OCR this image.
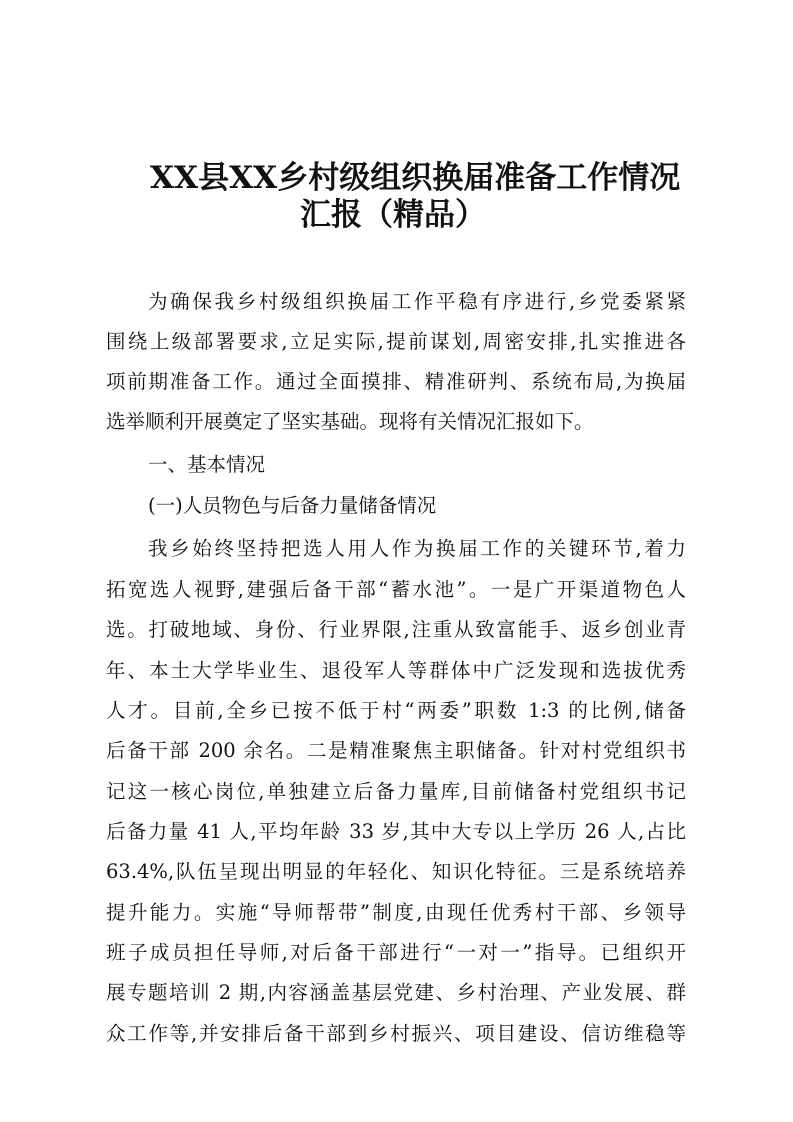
XX县XX乡村级组织换届准备工作情况
汇报（精品）
为确保我乡村级组织换届工作平稳有序进行,乡党委紧紧
围绕上级部署要求,立足实际,提前谋划,周密安排,扎实推进各
项前期准备工作。通过全面摸排、精准研判、系统布局,为换届
选举顺利开展奠定了坚实基础。现将有关情况汇报如下。
一、基本情况
(一)人员物色与后备力量储备情况
我乡始终坚持把选人用人作为换届工作的关键环节,着力
拓宽选人视野,建强后备干部“蓄水池”。一是广开渠道物色人
选。打破地域、身份、行业界限,注重从致富能手、返乡创业青
年、本土大学毕业生、退役军人等群体中广泛发现和选拔优秀
人才。目前,全乡已按不低于村“两委”职数 1:3 的比例,储备
后备干部 200 余名。二是精准聚焦主职储备。针对村党组织书
记这一核心岗位,单独建立后备力量库,目前储备村党组织书记
后备力量 41 人,平均年龄 33 岁,其中大专以上学历 26 人,占比
63.4%,队伍呈现出明显的年轻化、知识化特征。三是系统培养
提升能力。实施“导师帮带”制度,由现任优秀村干部、乡领导
班子成员担任导师,对后备干部进行“一对一”指导。已组织开
展专题培训 2 期,内容涵盖基层党建、乡村治理、产业发展、群
众工作等,并安排后备干部到乡村振兴、项目建设、信访维稳等
